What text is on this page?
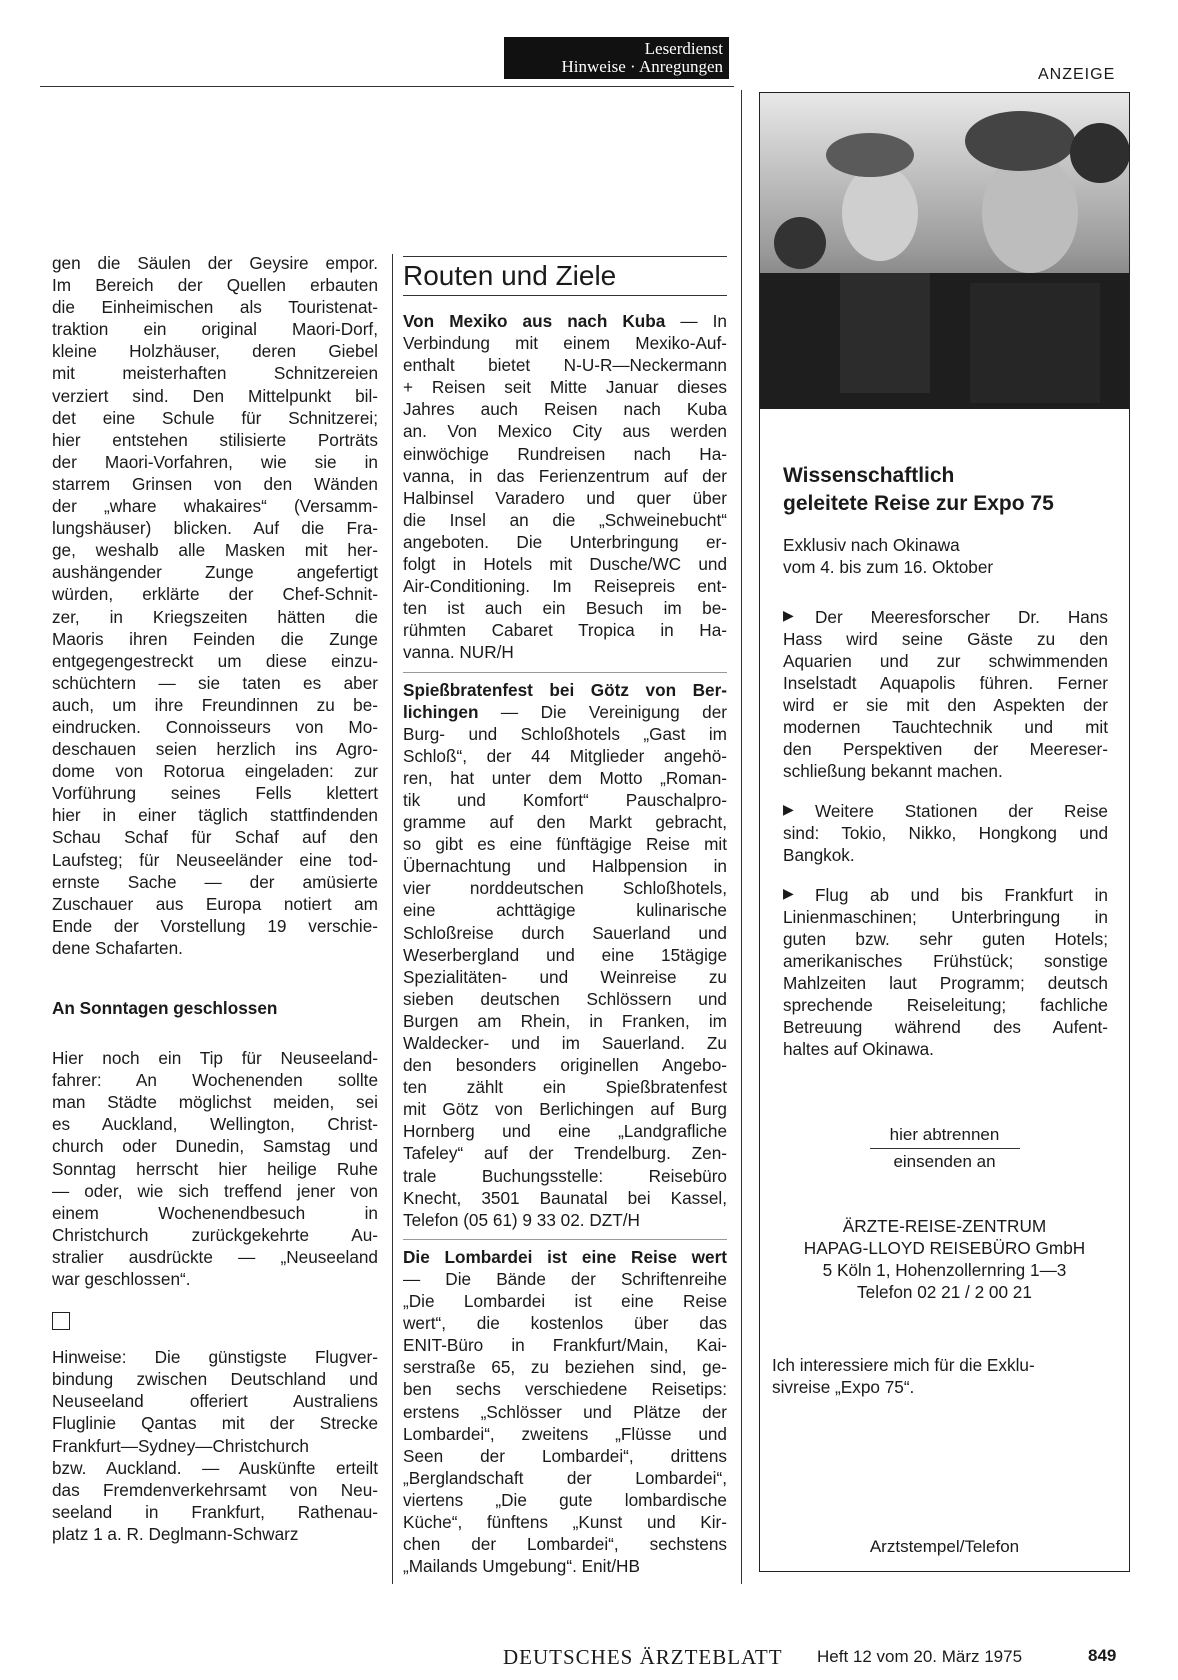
Leserdienst
Hinweise · Anregungen	ANZEIGE

gen die Säulen der Geysire empor.

Im Bereich der Quellen erbauten

die Einheimischen als Touristenat-

traktion ein original Maori-Dorf,

kleine Holzhäuser, deren Giebel

mit meisterhaften Schnitzereien

verziert sind. Den Mittelpunkt bil-

det eine Schule für Schnitzerei;

hier entstehen stilisierte Porträts

der Maori-Vorfahren, wie sie in

starrem Grinsen von den Wänden

der „whare whakaires“ (Versamm-

lungshäuser) blicken. Auf die Fra-

ge, weshalb alle Masken mit her-

aushängender Zunge angefertigt

würden, erklärte der Chef-Schnit-

zer, in Kriegszeiten hätten die

Maoris ihren Feinden die Zunge

entgegengestreckt um diese einzu-

schüchtern — sie taten es aber

auch, um ihre Freundinnen zu be-

eindrucken. Connoisseurs von Mo-

deschauen seien herzlich ins Agro-

dome von Rotorua eingeladen: zur

Vorführung seines Fells klettert

hier in einer täglich stattfindenden

Schau Schaf für Schaf auf den

Laufsteg; für Neuseeländer eine tod-

ernste Sache — der amüsierte

Zuschauer aus Europa notiert am

Ende der Vorstellung 19 verschie-

dene Schafarten.

An Sonntagen geschlossen

Hier noch ein Tip für Neuseeland-

fahrer: An Wochenenden sollte

man Städte möglichst meiden, sei

es Auckland, Wellington, Christ-

church oder Dunedin, Samstag und

Sonntag herrscht hier heilige Ruhe

— oder, wie sich treffend jener von

einem Wochenendbesuch in

Christchurch zurückgekehrte Au-

stralier ausdrückte — „Neuseeland

war geschlossen“.

Hinweise: Die günstigste Flugver-

bindung zwischen Deutschland und

Neuseeland offeriert Australiens

Fluglinie Qantas mit der Strecke

Frankfurt—Sydney—Christchurch

bzw. Auckland. — Auskünfte erteilt

das Fremdenverkehrsamt von Neu-

seeland in Frankfurt, Rathenau-

platz 1 a. R. Deglmann-Schwarz

Routen und Ziele

Von Mexiko aus nach Kuba — In

Verbindung mit einem Mexiko-Auf-

enthalt bietet N-U-R—Neckermann

+ Reisen seit Mitte Januar dieses

Jahres auch Reisen nach Kuba

an. Von Mexico City aus werden

einwöchige Rundreisen nach Ha-

vanna, in das Ferienzentrum auf der

Halbinsel Varadero und quer über

die Insel an die „Schweinebucht“

angeboten. Die Unterbringung er-

folgt in Hotels mit Dusche/WC und

Air-Conditioning. Im Reisepreis ent-

ten ist auch ein Besuch im be-

rühmten Cabaret Tropica in Ha-

vanna. NUR/H

Spießbratenfest bei Götz von Ber-

lichingen — Die Vereinigung der

Burg- und Schloßhotels „Gast im

Schloß“, der 44 Mitglieder angehö-

ren, hat unter dem Motto „Roman-

tik und Komfort“ Pauschalpro-

gramme auf den Markt gebracht,

so gibt es eine fünftägige Reise mit

Übernachtung und Halbpension in

vier norddeutschen Schloßhotels,

eine achttägige kulinarische

Schloßreise durch Sauerland und

Weserbergland und eine 15tägige

Spezialitäten- und Weinreise zu

sieben deutschen Schlössern und

Burgen am Rhein, in Franken, im

Waldecker- und im Sauerland. Zu

den besonders originellen Angebo-

ten zählt ein Spießbratenfest

mit Götz von Berlichingen auf Burg

Hornberg und eine „Landgrafliche

Tafeley“ auf der Trendelburg. Zen-

trale Buchungsstelle: Reisebüro

Knecht, 3501 Baunatal bei Kassel,

Telefon (05 61) 9 33 02. DZT/H

Die Lombardei ist eine Reise wert

— Die Bände der Schriftenreihe

„Die Lombardei ist eine Reise

wert“, die kostenlos über das

ENIT-Büro in Frankfurt/Main, Kai-

serstraße 65, zu beziehen sind, ge-

ben sechs verschiedene Reisetips:

erstens „Schlösser und Plätze der

Lombardei“, zweitens „Flüsse und

Seen der Lombardei“, drittens

„Berglandschaft der Lombardei“,

viertens „Die gute lombardische

Küche“, fünftens „Kunst und Kir-

chen der Lombardei“, sechstens

„Mailands Umgebung“. Enit/HB

Wissenschaftlich

geleitete Reise zur Expo 75

Exklusiv nach Okinawa

vom 4. bis zum 16. Oktober

▶	Der Meeresforscher Dr. Hans

Hass wird seine Gäste zu den

Aquarien und zur schwimmenden

Inselstadt Aquapolis führen. Ferner

wird er sie mit den Aspekten der

modernen Tauchtechnik und mit

den Perspektiven der Meereser-

schließung bekannt machen.

▶	Weitere Stationen der Reise

sind: Tokio, Nikko, Hongkong und

Bangkok.

▶	Flug ab und bis Frankfurt in

Linienmaschinen; Unterbringung in

guten bzw. sehr guten Hotels;

amerikanisches Frühstück; sonstige

Mahlzeiten laut Programm; deutsch

sprechende Reiseleitung; fachliche

Betreuung während des Aufent-

haltes auf Okinawa.

hier abtrennen
einsenden an
ÄRZTE-REISE-ZENTRUM
HAPAG-LLOYD REISEBÜRO GmbH
5 Köln 1, Hohenzollernring 1—3
Telefon 02 21 / 2 00 21
Ich interessiere mich für die Exklu-
sivreise „Expo 75“.
Arztstempel/Telefon
DEUTSCHES ÄRZTEBLATT Heft 12 vom 20. März 1975	849
